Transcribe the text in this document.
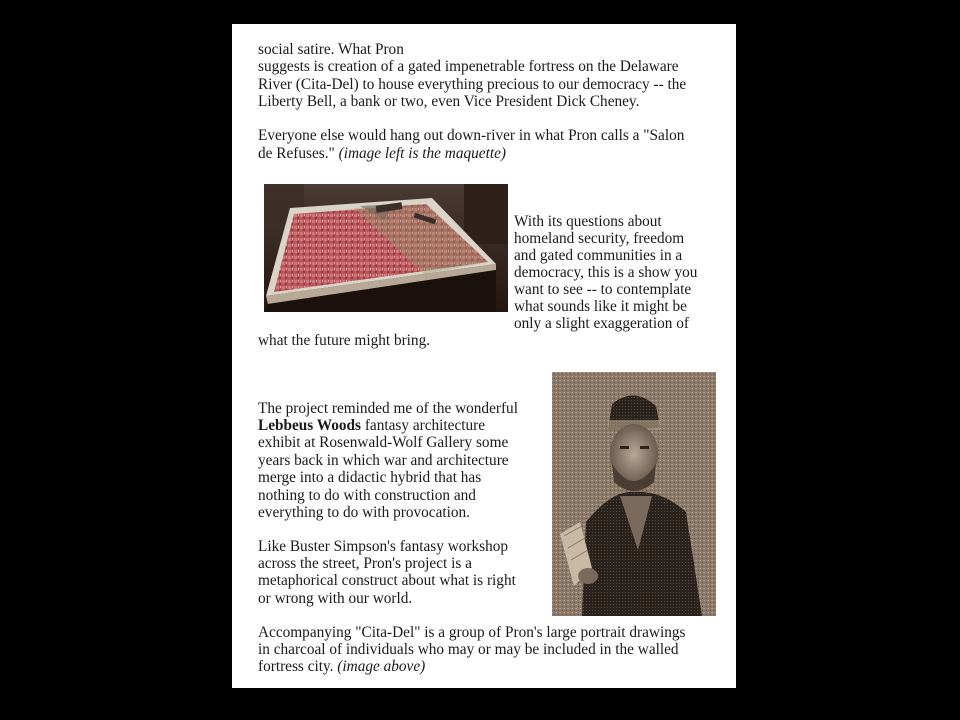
social satire. What Pron

suggests is creation of a gated impenetrable fortress on the Delaware

River (Cita-Del) to house everything precious to our democracy -- the

Liberty Bell, a bank or two, even Vice President Dick Cheney.

Everyone else would hang out down-river in what Pron calls a "Salon

de Refuses." (image left is the maquette)

With its questions about

homeland security, freedom

and gated communities in a

democracy, this is a show you

want to see -- to contemplate

what sounds like it might be

only a slight exaggeration of

what the future might bring.

The project reminded me of the wonderful

Lebbeus Woods fantasy architecture

exhibit at Rosenwald-Wolf Gallery some

years back in which war and architecture

merge into a didactic hybrid that has

nothing to do with construction and

everything to do with provocation.

Like Buster Simpson's fantasy workshop

across the street, Pron's project is a

metaphorical construct about what is right

or wrong with our world.

Accompanying "Cita-Del" is a group of Pron's large portrait drawings

in charcoal of individuals who may or may be included in the walled

fortress city. (image above)
